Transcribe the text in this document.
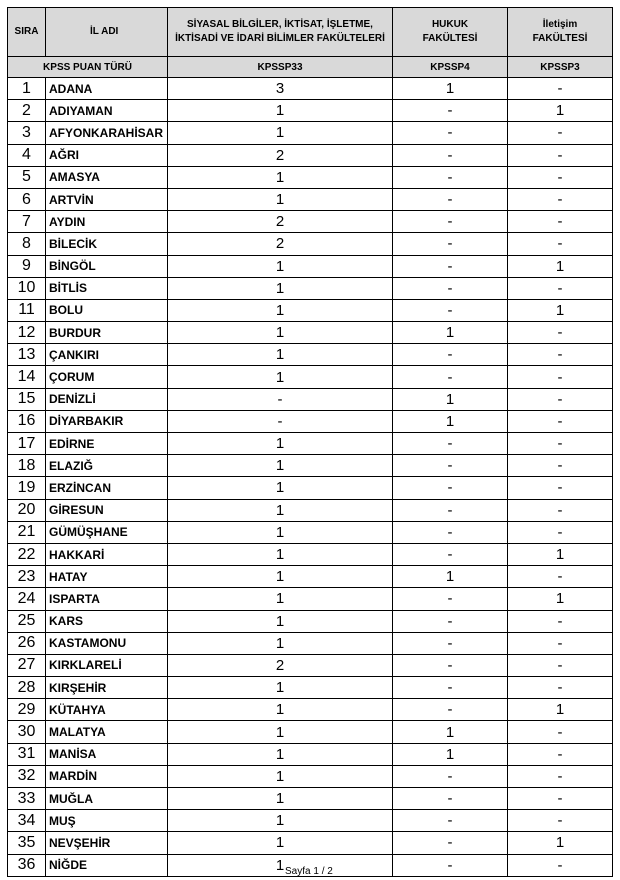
SIRA	İL ADI	SİYASAL BİLGİLER, İKTİSAT, İŞLETME,
İKTİSADİ VE İDARİ BİLİMLER FAKÜLTELERİ	HUKUK
FAKÜLTESİ	İletişim
FAKÜLTESİ
KPSS PUAN TÜRÜ		KPSSP33	KPSSP4	KPSSP3
1	ADANA	3	1	-
2	ADIYAMAN	1	-	1
3	AFYONKARAHİSAR	1	-	-
4	AĞRI	2	-	-
5	AMASYA	1	-	-
6	ARTVİN	1	-	-
7	AYDIN	2	-	-
8	BİLECİK	2	-	-
9	BİNGÖL	1	-	1
10	BİTLİS	1	-	-
11	BOLU	1	-	1
12	BURDUR	1	1	-
13	ÇANKIRI	1	-	-
14	ÇORUM	1	-	-
15	DENİZLİ	-	1	-
16	DİYARBAKIR	-	1	-
17	EDİRNE	1	-	-
18	ELAZIĞ	1	-	-
19	ERZİNCAN	1	-	-
20	GİRESUN	1	-	-
21	GÜMÜŞHANE	1	-	-
22	HAKKARİ	1	-	1
23	HATAY	1	1	-
24	ISPARTA	1	-	1
25	KARS	1	-	-
26	KASTAMONU	1	-	-
27	KIRKLARELİ	2	-	-
28	KIRŞEHİR	1	-	-
29	KÜTAHYA	1	-	1
30	MALATYA	1	1	-
31	MANİSA	1	1	-
32	MARDİN	1	-	-
33	MUĞLA	1	-	-
34	MUŞ	1	-	-
35	NEVŞEHİR	1	-	1
36	NİĞDE	1	-	-
Sayfa 1 / 2
